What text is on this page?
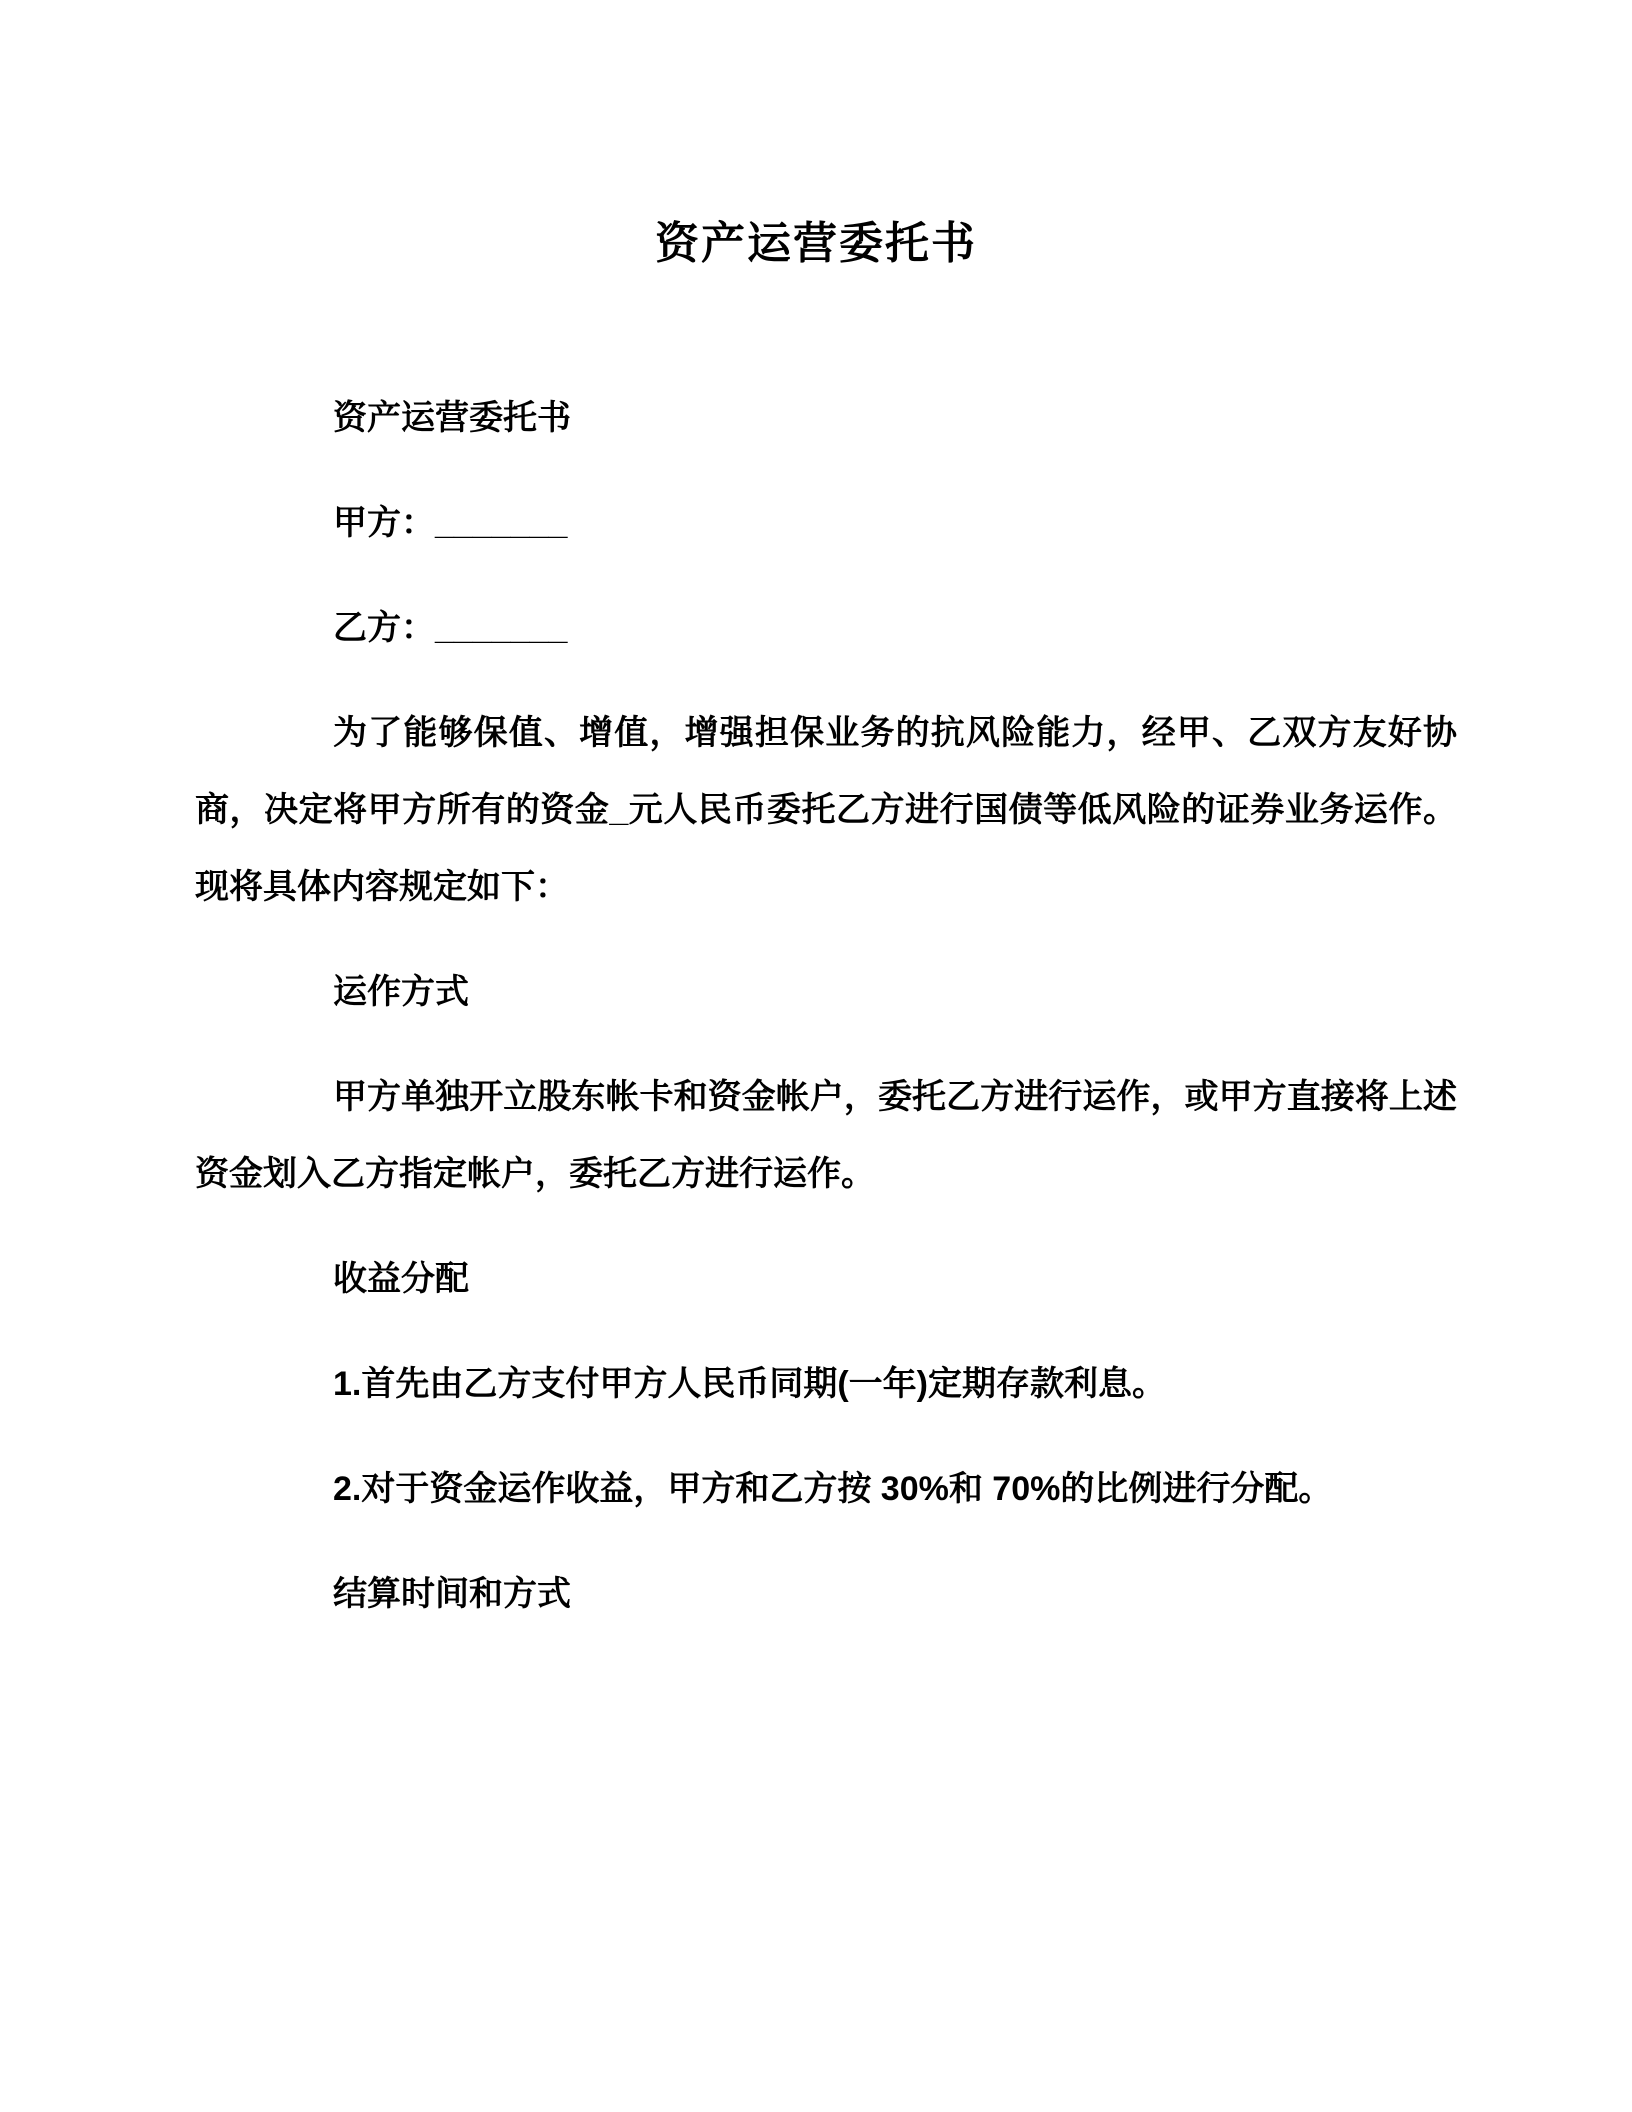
资产运营委托书

资产运营委托书

甲方：_______

乙方：_______

为了能够保值、增值，增强担保业务的抗风险能力，经甲、乙双方友好协商，决定将甲方所有的资金_元人民币委托乙方进行国债等低风险的证券业务运作。现将具体内容规定如下：

运作方式

甲方单独开立股东帐卡和资金帐户，委托乙方进行运作，或甲方直接将上述资金划入乙方指定帐户，委托乙方进行运作。

收益分配

1.首先由乙方支付甲方人民币同期(一年)定期存款利息。

2.对于资金运作收益，甲方和乙方按 30%和 70%的比例进行分配。

结算时间和方式
